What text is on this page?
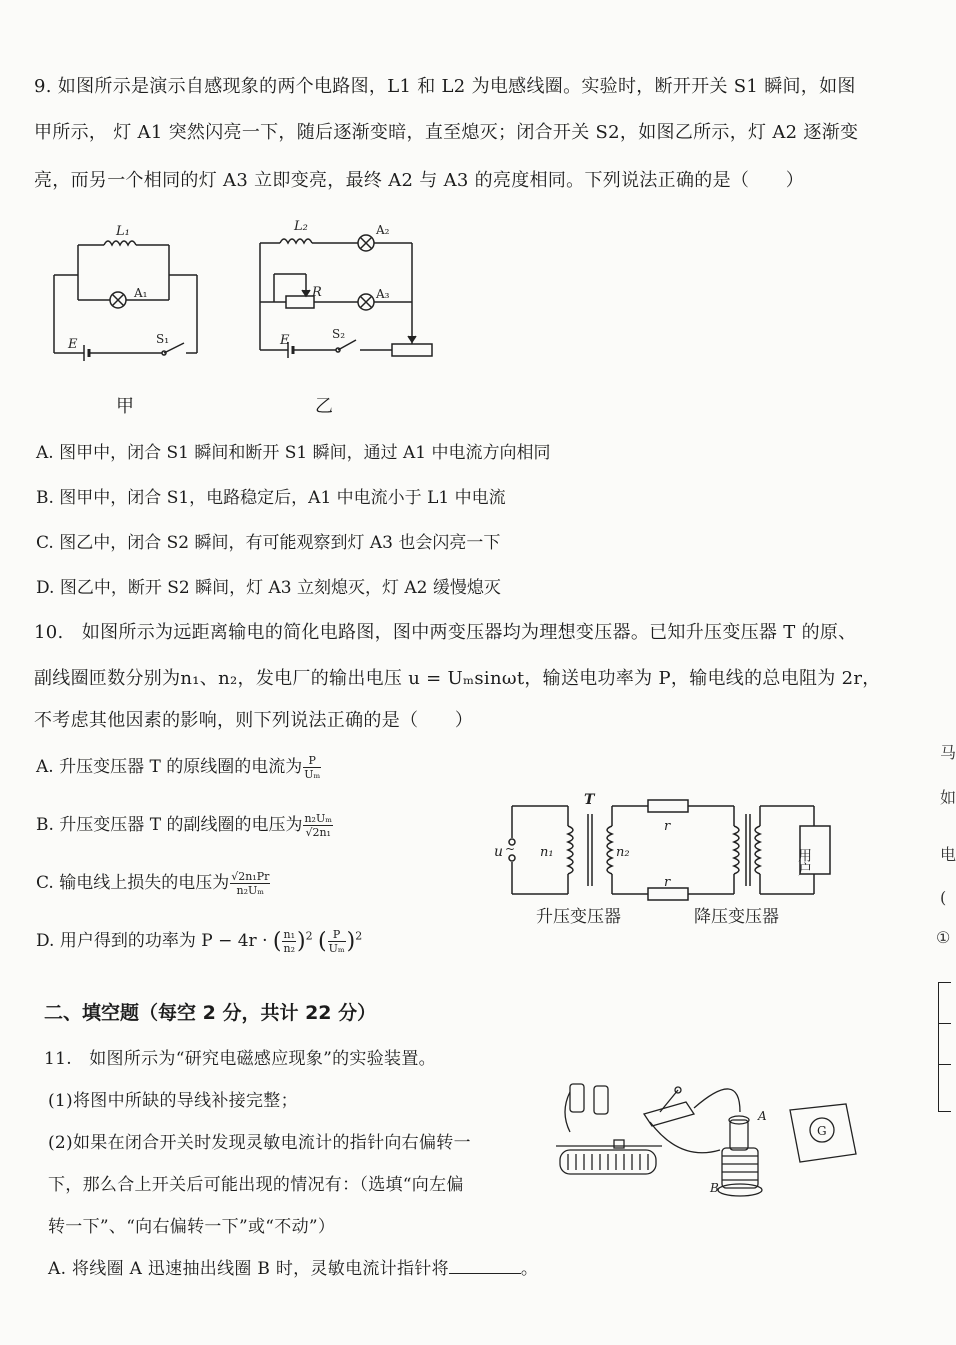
9. 如图所示是演示自感现象的两个电路图，L1 和 L2 为电感线圈。实验时，断开开关 S1 瞬间，如图
甲所示， 灯 A1 突然闪亮一下，随后逐渐变暗，直至熄灭；闭合开关 S2，如图乙所示，灯 A2 逐渐变
亮，而另一个相同的灯 A3 立即变亮，最终 A2 与 A3 的亮度相同。下列说法正确的是（　　）
L₁
A₁
E	S₁
L₂	A₂
R	A₃
E	S₂
甲	乙
A. 图甲中，闭合 S1 瞬间和断开 S1 瞬间，通过 A1 中电流方向相同
B. 图甲中，闭合 S1，电路稳定后，A1 中电流小于 L1 中电流
C. 图乙中，闭合 S2 瞬间，有可能观察到灯 A3 也会闪亮一下
D. 图乙中，断开 S2 瞬间，灯 A3 立刻熄灭，灯 A2 缓慢熄灭
10.　如图所示为远距离输电的简化电路图，图中两变压器均为理想变压器。已知升压变压器 T 的原、
副线圈匝数分别为n₁、n₂，发电厂的输出电压 u = Uₘsinωt，输送电功率为 P，输电线的总电阻为 2r，
不考虑其他因素的影响，则下列说法正确的是（　　）
A. 升压变压器 T 的原线圈的电流为 $\frac{P}{\text{Uₘ}}$
B. 升压变压器 T 的副线圈的电压为 $\frac{\text{n₂Uₘ}}{\text{√2n₁}}$
C. 输电线上损失的电压为 $\frac{\text{√2n₁Pr}}{\text{n₂Uₘ}}$
D. 用户得到的功率为 P − 4r · ( $\frac{\text{n₁}}{\text{n₂}} )^2$ ( $\frac{P}{\text{Uₘ}} )^2$
T
u ~ n₁	n₂
r
r
用户
升压变压器	降压变压器
二、填空题（每空 2 分，共计 22 分）
11.　如图所示为“研究电磁感应现象”的实验装置。
(1)将图中所缺的导线补接完整；
(2)如果在闭合开关时发现灵敏电流计的指针向右偏转一
下，那么合上开关后可能出现的情况有：（选填“向左偏
转一下”、“向右偏转一下”或“不动”）
A. 将线圈 A 迅速抽出线圈 B 时，灵敏电流计指针将	。
G
A
B
马
如
电
(
①
